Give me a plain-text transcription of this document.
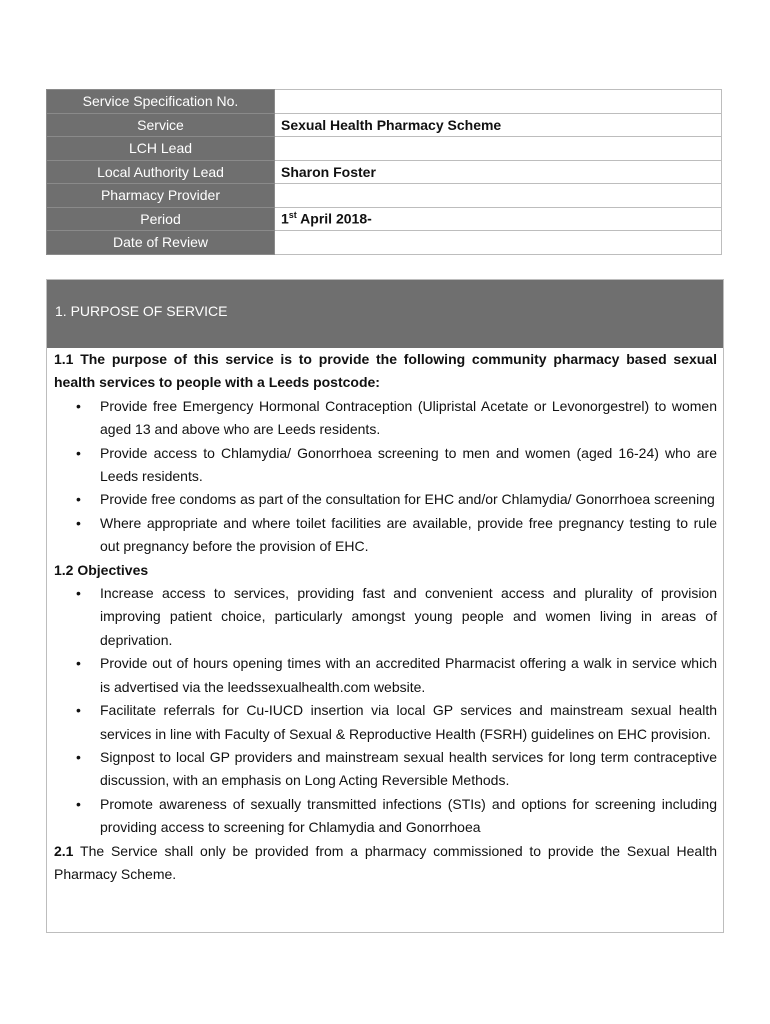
Service Specification No.	
Service	Sexual Health Pharmacy Scheme
LCH Lead	
Local Authority Lead	Sharon Foster
Pharmacy Provider	
Period	1st April 2018-
Date of Review	
1. PURPOSE OF SERVICE

1.1 The purpose of this service is to provide the following community pharmacy based sexual health services to people with a Leeds postcode:

• Provide free Emergency Hormonal Contraception (Ulipristal Acetate or Levonorgestrel) to women aged 13 and above who are Leeds residents.
• Provide access to Chlamydia/ Gonorrhoea screening to men and women (aged 16-24) who are Leeds residents.
• Provide free condoms as part of the consultation for EHC and/or Chlamydia/ Gonorrhoea screening
• Where appropriate and where toilet facilities are available, provide free pregnancy testing to rule out pregnancy before the provision of EHC.

1.2 Objectives

• Increase access to services, providing fast and convenient access and plurality of provision improving patient choice, particularly amongst young people and women living in areas of deprivation.
• Provide out of hours opening times with an accredited Pharmacist offering a walk in service which is advertised via the leedssexualhealth.com website.
• Facilitate referrals for Cu-IUCD insertion via local GP services and mainstream sexual health services in line with Faculty of Sexual & Reproductive Health (FSRH) guidelines on EHC provision.
• Signpost to local GP providers and mainstream sexual health services for long term contraceptive discussion, with an emphasis on Long Acting Reversible Methods.
• Promote awareness of sexually transmitted infections (STIs) and options for screening including providing access to screening for Chlamydia and Gonorrhoea

2.1 The Service shall only be provided from a pharmacy commissioned to provide the Sexual Health Pharmacy Scheme.
